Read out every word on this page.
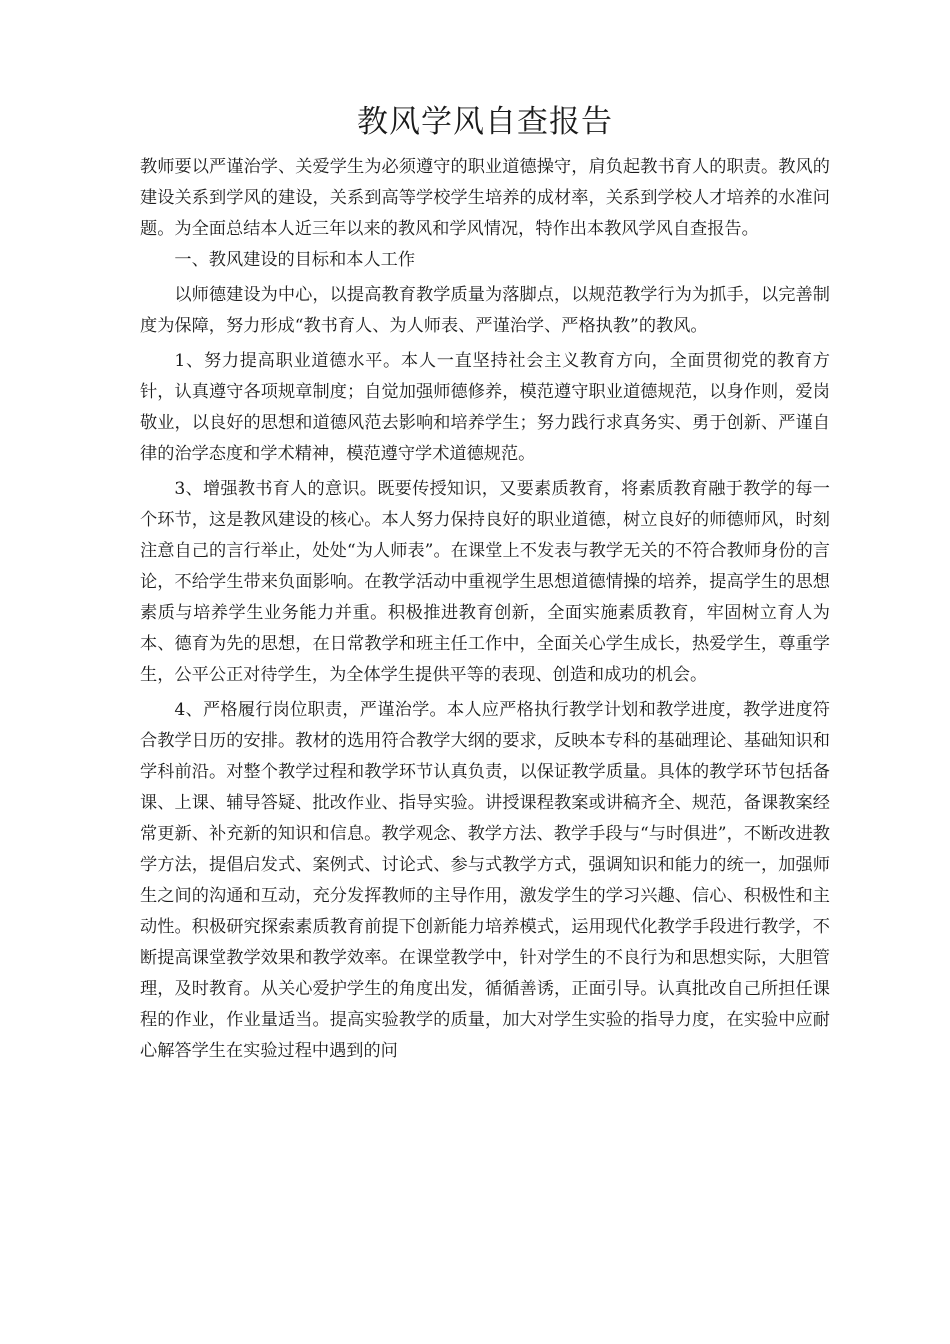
教风学风自查报告

教师要以严谨治学、关爱学生为必须遵守的职业道德操守，肩负起教书育人的职责。教风的建设关系到学风的建设，关系到高等学校学生培养的成材率，关系到学校人才培养的水准问题。为全面总结本人近三年以来的教风和学风情况，特作出本教风学风自查报告。

一、教风建设的目标和本人工作

以师德建设为中心，以提高教育教学质量为落脚点，以规范教学行为为抓手，以完善制度为保障，努力形成“教书育人、为人师表、严谨治学、严格执教”的教风。

1、努力提高职业道德水平。本人一直坚持社会主义教育方向，全面贯彻党的教育方针，认真遵守各项规章制度；自觉加强师德修养，模范遵守职业道德规范，以身作则，爱岗敬业，以良好的思想和道德风范去影响和培养学生；努力践行求真务实、勇于创新、严谨自律的治学态度和学术精神，模范遵守学术道德规范。

3、增强教书育人的意识。既要传授知识，又要素质教育，将素质教育融于教学的每一个环节，这是教风建设的核心。本人努力保持良好的职业道德，树立良好的师德师风，时刻注意自己的言行举止，处处“为人师表”。在课堂上不发表与教学无关的不符合教师身份的言论，不给学生带来负面影响。在教学活动中重视学生思想道德情操的培养，提高学生的思想素质与培养学生业务能力并重。积极推进教育创新，全面实施素质教育，牢固树立育人为本、德育为先的思想，在日常教学和班主任工作中，全面关心学生成长，热爱学生，尊重学生，公平公正对待学生，为全体学生提供平等的表现、创造和成功的机会。

4、严格履行岗位职责，严谨治学。本人应严格执行教学计划和教学进度，教学进度符合教学日历的安排。教材的选用符合教学大纲的要求，反映本专科的基础理论、基础知识和学科前沿。对整个教学过程和教学环节认真负责，以保证教学质量。具体的教学环节包括备课、上课、辅导答疑、批改作业、指导实验。讲授课程教案或讲稿齐全、规范，备课教案经常更新、补充新的知识和信息。教学观念、教学方法、教学手段与“与时俱进”，不断改进教学方法，提倡启发式、案例式、讨论式、参与式教学方式，强调知识和能力的统一，加强师生之间的沟通和互动，充分发挥教师的主导作用，激发学生的学习兴趣、信心、积极性和主动性。积极研究探索素质教育前提下创新能力培养模式，运用现代化教学手段进行教学，不断提高课堂教学效果和教学效率。在课堂教学中，针对学生的不良行为和思想实际，大胆管理，及时教育。从关心爱护学生的角度出发，循循善诱，正面引导。认真批改自己所担任课程的作业，作业量适当。提高实验教学的质量，加大对学生实验的指导力度，在实验中应耐心解答学生在实验过程中遇到的问
